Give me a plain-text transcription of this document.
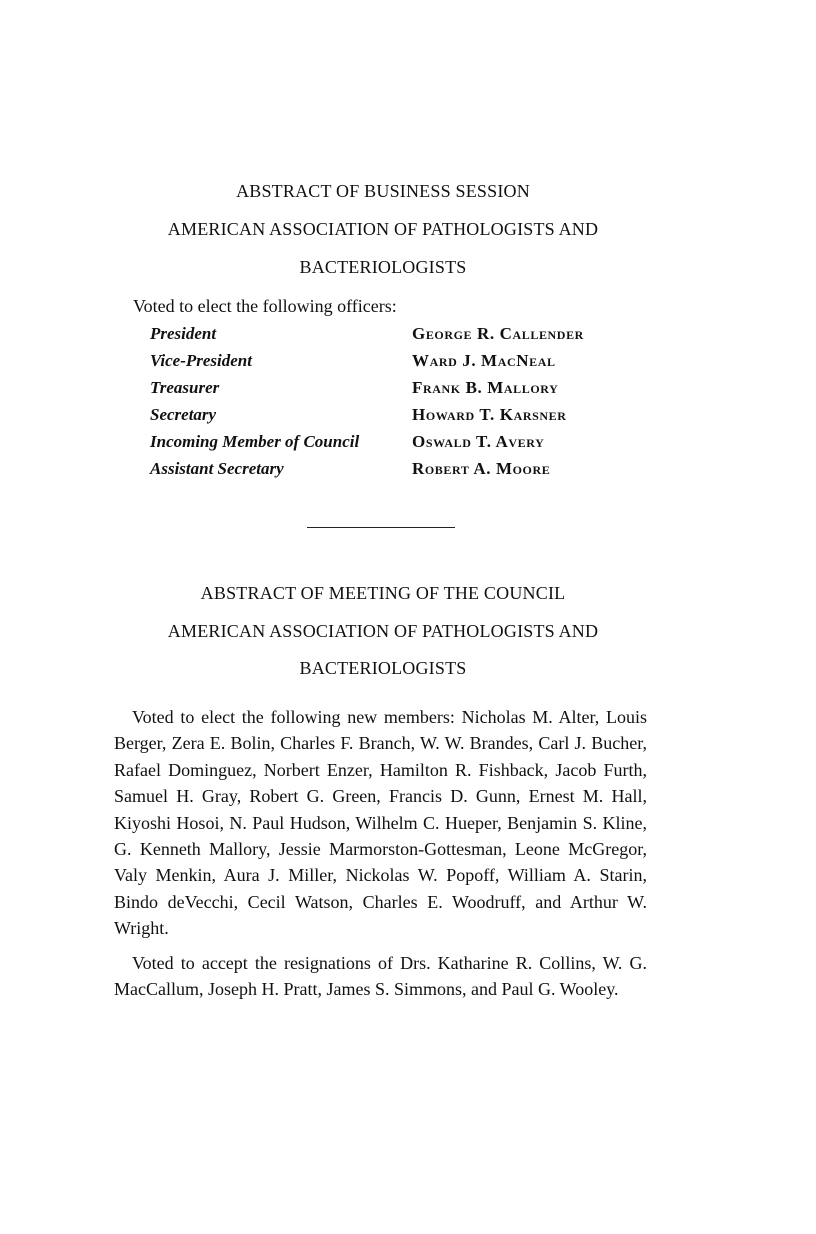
ABSTRACT OF BUSINESS SESSION
AMERICAN ASSOCIATION OF PATHOLOGISTS AND
BACTERIOLOGISTS
Voted to elect the following officers:
President	George R. Callender
Vice-President	Ward J. MacNeal
Treasurer	Frank B. Mallory
Secretary	Howard T. Karsner
Incoming Member of Council	Oswald T. Avery
Assistant Secretary	Robert A. Moore
ABSTRACT OF MEETING OF THE COUNCIL
AMERICAN ASSOCIATION OF PATHOLOGISTS AND
BACTERIOLOGISTS
Voted to elect the following new members: Nicholas M. Alter, Louis Berger, Zera E. Bolin, Charles F. Branch, W. W. Brandes, Carl J. Bucher, Rafael Dominguez, Norbert Enzer, Hamilton R. Fishback, Jacob Furth, Samuel H. Gray, Robert G. Green, Francis D. Gunn, Ernest M. Hall, Kiyoshi Hosoi, N. Paul Hudson, Wilhelm C. Hueper, Benjamin S. Kline, G. Kenneth Mallory, Jessie Marmorston-Gottesman, Leone McGregor, Valy Menkin, Aura J. Miller, Nickolas W. Popoff, William A. Starin, Bindo deVecchi, Cecil Watson, Charles E. Woodruff, and Arthur W. Wright.
Voted to accept the resignations of Drs. Katharine R. Collins, W. G. MacCallum, Joseph H. Pratt, James S. Simmons, and Paul G. Wooley.
